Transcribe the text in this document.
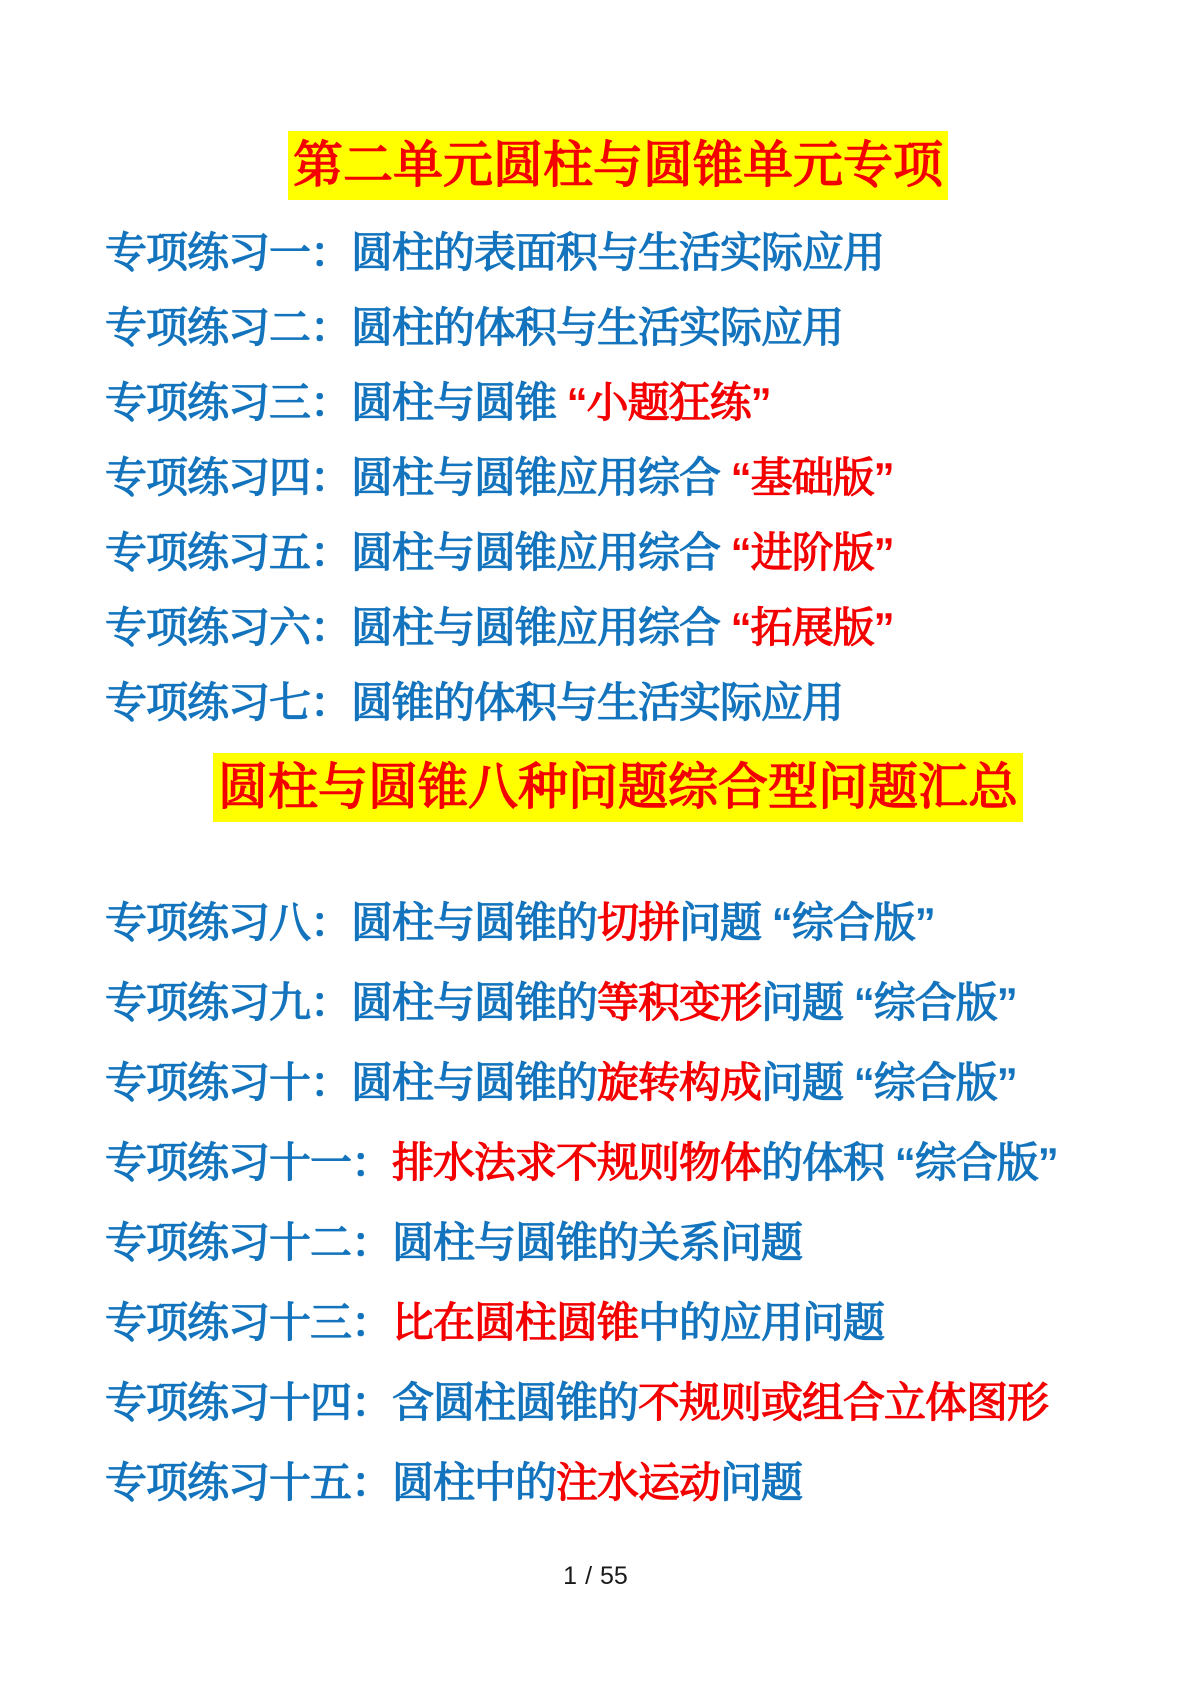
第二单元圆柱与圆锥单元专项
专项练习一：圆柱的表面积与生活实际应用
专项练习二：圆柱的体积与生活实际应用
专项练习三：圆柱与圆锥 “小题狂练”
专项练习四：圆柱与圆锥应用综合 “基础版”
专项练习五：圆柱与圆锥应用综合 “进阶版”
专项练习六：圆柱与圆锥应用综合 “拓展版”
专项练习七：圆锥的体积与生活实际应用
圆柱与圆锥八种问题综合型问题汇总
专项练习八：圆柱与圆锥的切拼问题 “综合版”
专项练习九：圆柱与圆锥的等积变形问题 “综合版”
专项练习十：圆柱与圆锥的旋转构成问题 “综合版”
专项练习十一：排水法求不规则物体的体积 “综合版”
专项练习十二：圆柱与圆锥的关系问题
专项练习十三：比在圆柱圆锥中的应用问题
专项练习十四：含圆柱圆锥的不规则或组合立体图形
专项练习十五：圆柱中的注水运动问题
1 / 55
